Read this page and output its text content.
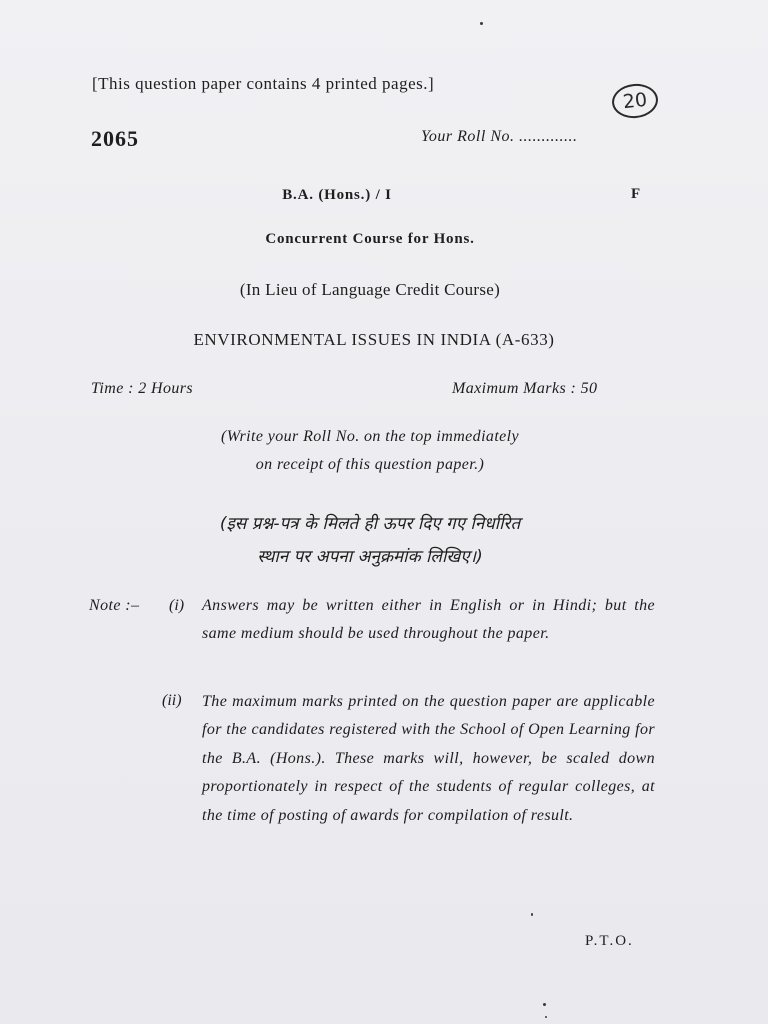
[This question paper contains 4 printed pages.]

20

2065	Your Roll No. .............

B.A. (Hons.) / I	F

Concurrent Course for Hons.

(In Lieu of Language Credit Course)

ENVIRONMENTAL ISSUES IN INDIA (A-633)

Time : 2 Hours	Maximum Marks : 50

(Write your Roll No. on the top immediately

on receipt of this question paper.)

(इस प्रश्न-पत्र के मिलते ही ऊपर दिए गए निर्धारित

स्थान पर अपना अनुक्रमांक लिखिए।)

Note :– (i) Answers may be written either in English or in Hindi; but the same medium should be used throughout the paper.

(ii) The maximum marks printed on the question paper are applicable for the candidates registered with the School of Open Learning for the B.A. (Hons.). These marks will, however, be scaled down proportionately in respect of the students of regular colleges, at the time of posting of awards for compilation of result.

P.T.O.
